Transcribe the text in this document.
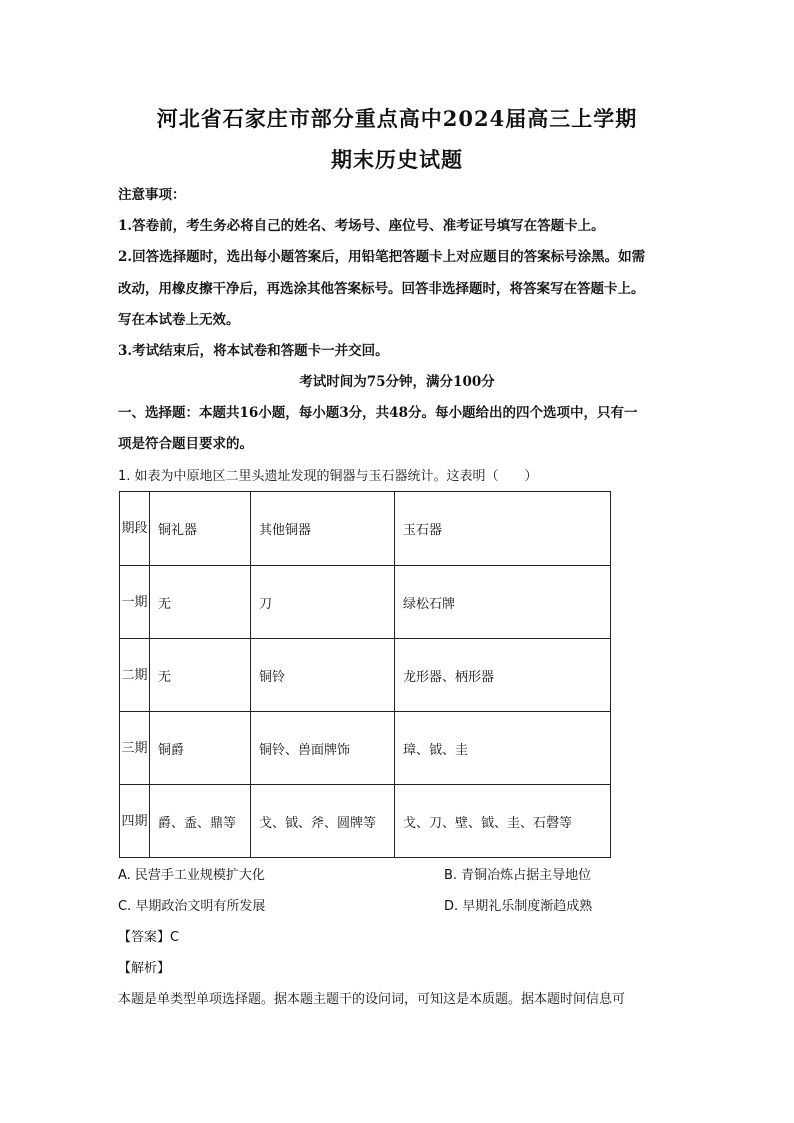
河北省石家庄市部分重点高中2024届高三上学期
期末历史试题
注意事项：
1.答卷前，考生务必将自己的姓名、考场号、座位号、准考证号填写在答题卡上。
2.回答选择题时，选出每小题答案后，用铅笔把答题卡上对应题目的答案标号涂黑。如需
改动，用橡皮擦干净后，再选涂其他答案标号。回答非选择题时，将答案写在答题卡上。
写在本试卷上无效。
3.考试结束后，将本试卷和答题卡一并交回。
考试时间为75分钟，满分100分
一、选择题：本题共16小题，每小题3分，共48分。每小题给出的四个选项中，只有一
项是符合题目要求的。
1. 如表为中原地区二里头遗址发现的铜器与玉石器统计。这表明（　　）
期段	铜礼器	其他铜器	玉石器
一期	无	刀	绿松石牌
二期	无	铜铃	龙形器、柄形器
三期	铜爵	铜铃、兽面牌饰	璋、钺、圭
四期	爵、盉、鼎等	戈、钺、斧、圆牌等	戈、刀、壁、钺、圭、石磬等
A. 民营手工业规模扩大化	B. 青铜冶炼占据主导地位
C. 早期政治文明有所发展	D. 早期礼乐制度渐趋成熟
【答案】C
【解析】
本题是单类型单项选择题。据本题主题干的设问词，可知这是本质题。据本题时间信息可
